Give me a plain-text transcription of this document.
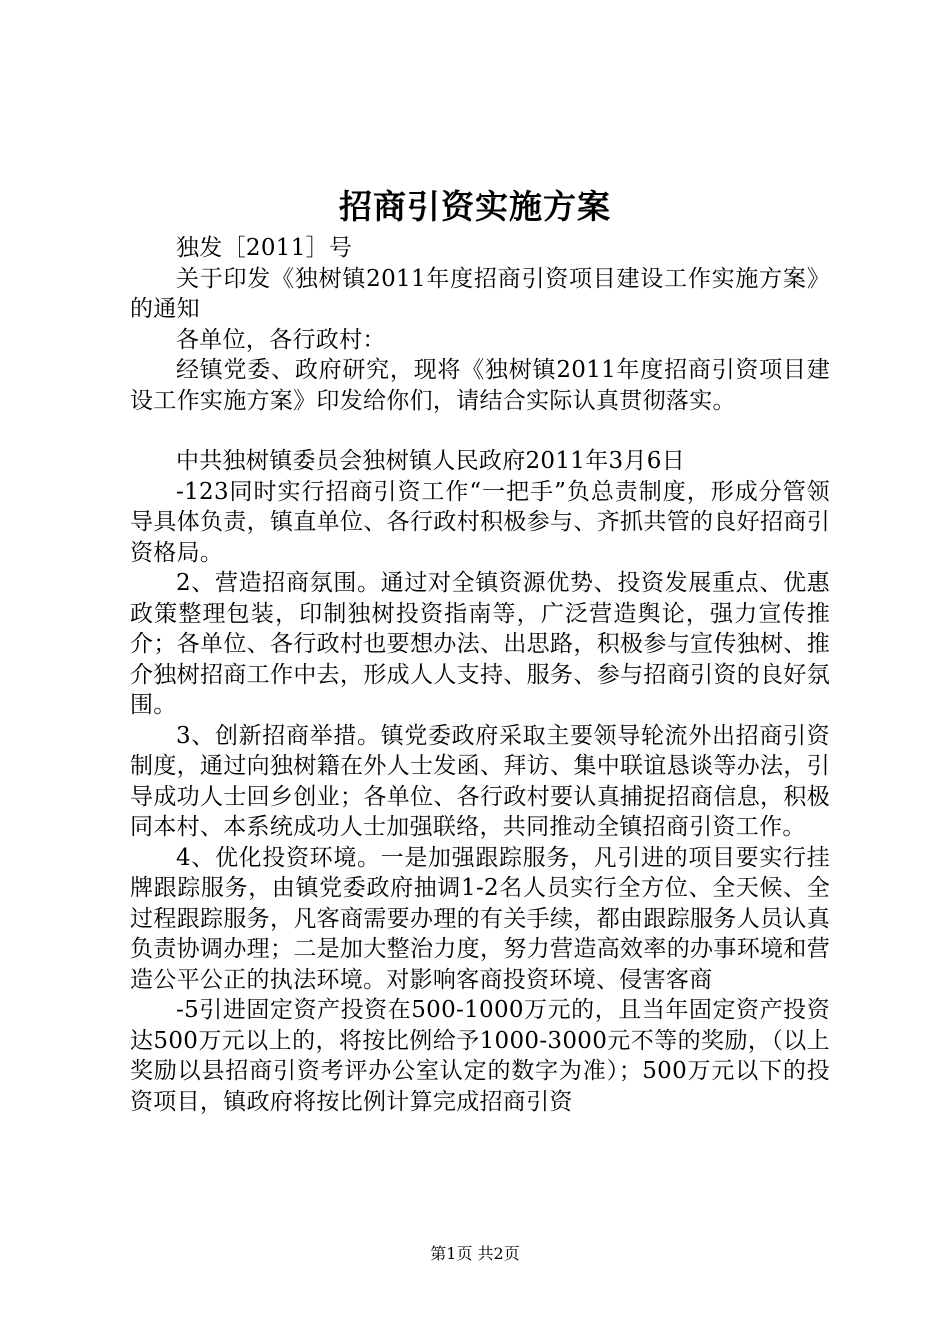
招商引资实施方案

独发［2011］号

关于印发《独树镇2011年度招商引资项目建设工作实施方案》的通知

各单位，各行政村：

经镇党委、政府研究，现将《独树镇2011年度招商引资项目建设工作实施方案》印发给你们，请结合实际认真贯彻落实。

中共独树镇委员会独树镇人民政府2011年3月6日

-123同时实行招商引资工作“一把手”负总责制度，形成分管领导具体负责，镇直单位、各行政村积极参与、齐抓共管的良好招商引资格局。

2、营造招商氛围。通过对全镇资源优势、投资发展重点、优惠政策整理包装，印制独树投资指南等，广泛营造舆论，强力宣传推介；各单位、各行政村也要想办法、出思路，积极参与宣传独树、推介独树招商工作中去，形成人人支持、服务、参与招商引资的良好氛围。

3、创新招商举措。镇党委政府采取主要领导轮流外出招商引资制度，通过向独树籍在外人士发函、拜访、集中联谊恳谈等办法，引导成功人士回乡创业；各单位、各行政村要认真捕捉招商信息，积极同本村、本系统成功人士加强联络，共同推动全镇招商引资工作。

4、优化投资环境。一是加强跟踪服务，凡引进的项目要实行挂牌跟踪服务，由镇党委政府抽调1-2名人员实行全方位、全天候、全过程跟踪服务，凡客商需要办理的有关手续，都由跟踪服务人员认真负责协调办理；二是加大整治力度，努力营造高效率的办事环境和营造公平公正的执法环境。对影响客商投资环境、侵害客商

-5引进固定资产投资在500-1000万元的，且当年固定资产投资达500万元以上的，将按比例给予1000-3000元不等的奖励，（以上奖励以县招商引资考评办公室认定的数字为准）；500万元以下的投资项目，镇政府将按比例计算完成招商引资

第1页 共2页
